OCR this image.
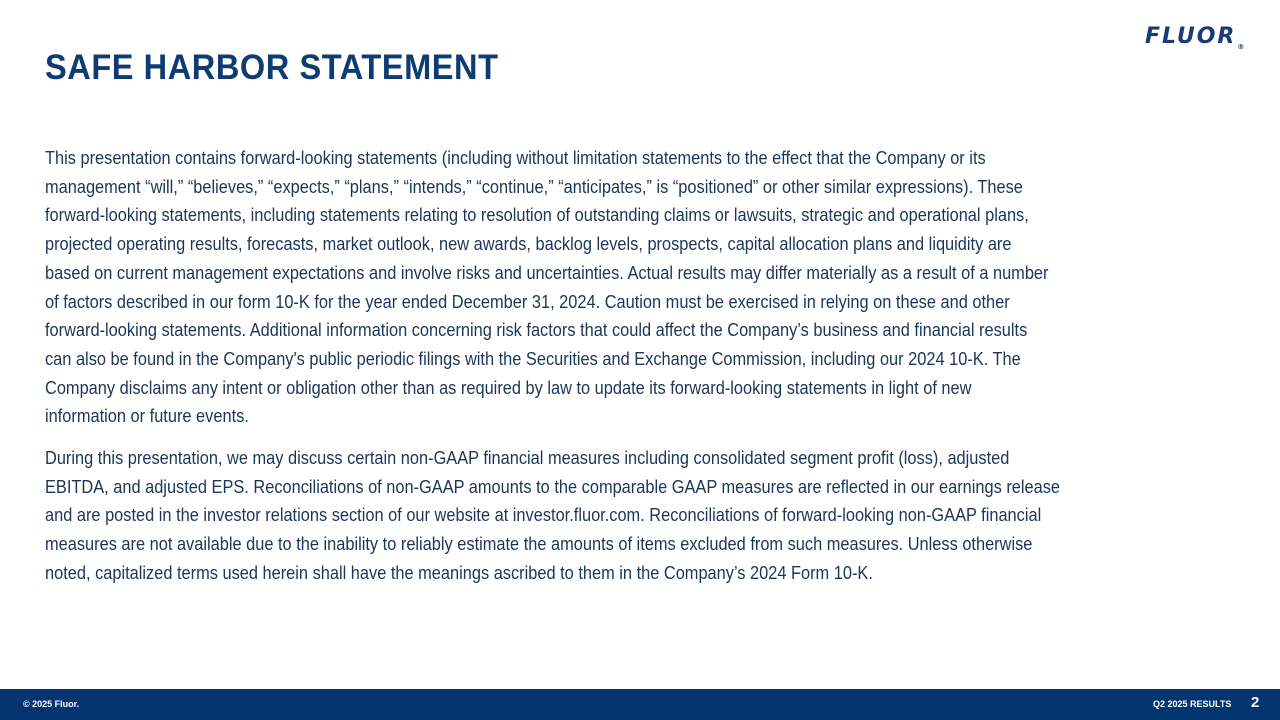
$FLUOR_®$
SAFE HARBOR STATEMENT

This presentation contains forward-looking statements (including without limitation statements to the effect that the Company or its
management “will,” “believes,” “expects,” “plans,” “intends,” “continue,” “anticipates,” is “positioned” or other similar expressions). These
forward-looking statements, including statements relating to resolution of outstanding claims or lawsuits, strategic and operational plans,
projected operating results, forecasts, market outlook, new awards, backlog levels, prospects, capital allocation plans and liquidity are
based on current management expectations and involve risks and uncertainties. Actual results may differ materially as a result of a number
of factors described in our form 10-K for the year ended December 31, 2024. Caution must be exercised in relying on these and other
forward-looking statements. Additional information concerning risk factors that could affect the Company’s business and financial results
can also be found in the Company's public periodic filings with the Securities and Exchange Commission, including our 2024 10-K. The
Company disclaims any intent or obligation other than as required by law to update its forward-looking statements in light of new
information or future events.

During this presentation, we may discuss certain non-GAAP financial measures including consolidated segment profit (loss), adjusted
EBITDA, and adjusted EPS. Reconciliations of non-GAAP amounts to the comparable GAAP measures are reflected in our earnings release
and are posted in the investor relations section of our website at investor.fluor.com. Reconciliations of forward-looking non-GAAP financial
measures are not available due to the inability to reliably estimate the amounts of items excluded from such measures. Unless otherwise
noted, capitalized terms used herein shall have the meanings ascribed to them in the Company’s 2024 Form 10-K.

© 2025 Fluor.	Q2 2025 RESULTS 2
